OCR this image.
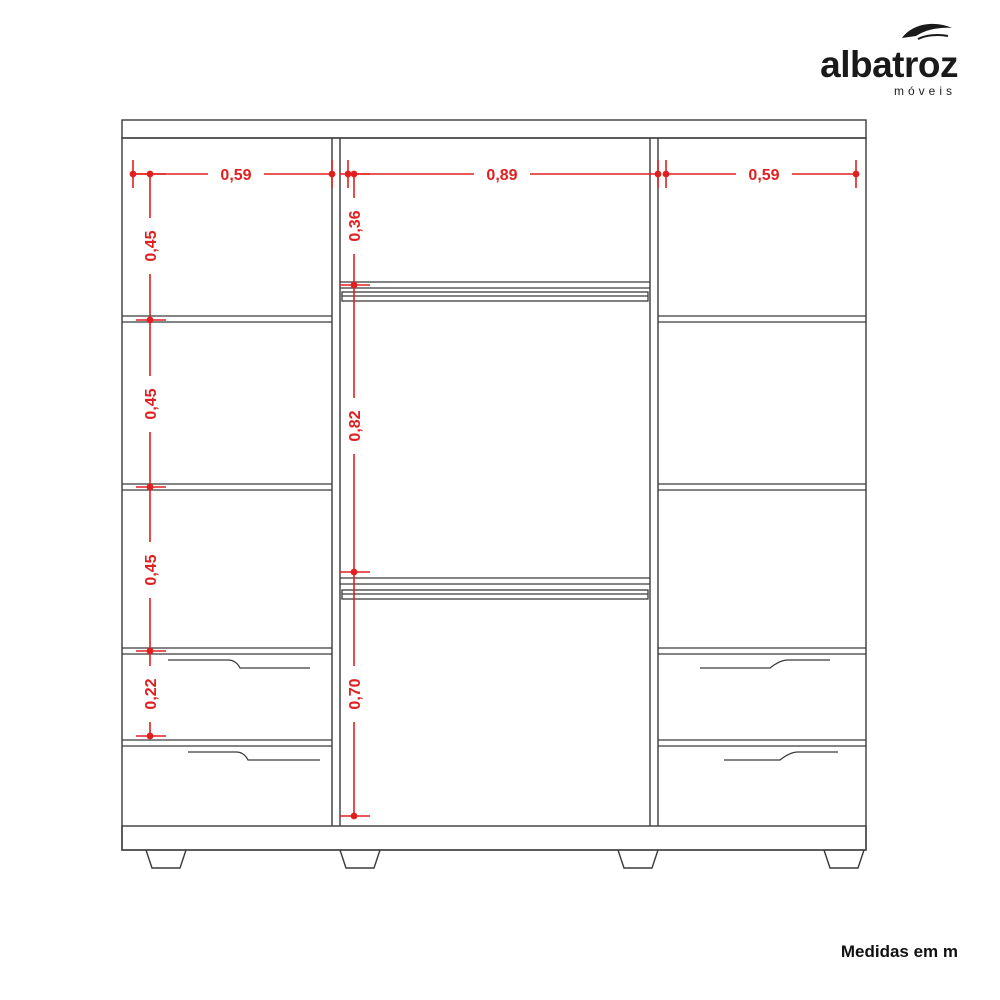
albatroz
móveis
0,59	0,89	0,59
0,45
0,45
0,45
0,22
0,36
0,82
0,70
Medidas em m
